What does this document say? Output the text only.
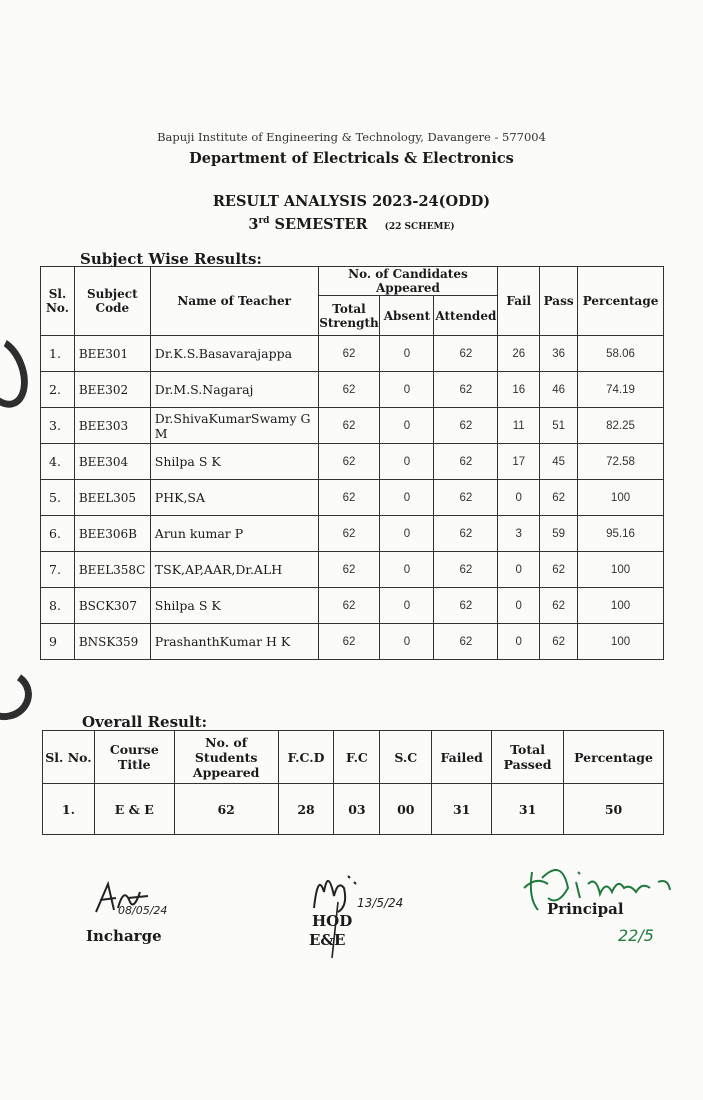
Bapuji Institute of Engineering & Technology, Davangere - 577004
Department of Electricals & Electronics
RESULT ANALYSIS 2023-24(ODD)
3rd SEMESTER (22 SCHEME)
Subject Wise Results:
Sl. No.	Subject Code	Name of Teacher	No. of Candidates Appeared			Fail	Pass	Percentage
			Total Strength	Absent	Attended			
1.	BEE301	Dr.K.S.Basavarajappa	62	0	62	26	36	58.06
2.	BEE302	Dr.M.S.Nagaraj	62	0	62	16	46	74.19
3.	BEE303	Dr.ShivaKumarSwamy G M	62	0	62	11	51	82.25
4.	BEE304	Shilpa S K	62	0	62	17	45	72.58
5.	BEEL305	PHK,SA	62	0	62	0	62	100
6.	BEE306B	Arun kumar P	62	0	62	3	59	95.16
7.	BEEL358C	TSK,AP,AAR,Dr.ALH	62	0	62	0	62	100
8.	BSCK307	Shilpa S K	62	0	62	0	62	100
9	BNSK359	PrashanthKumar H K	62	0	62	0	62	100
Overall Result:
Sl. No.	Course Title	No. of Students Appeared	F.C.D	F.C	S.C	Failed	Total Passed	Percentage
1.	E & E	62	28	03	00	31	31	50
08/05/24
Incharge
13/5/24
HOD
E&E
Principal
22/5
